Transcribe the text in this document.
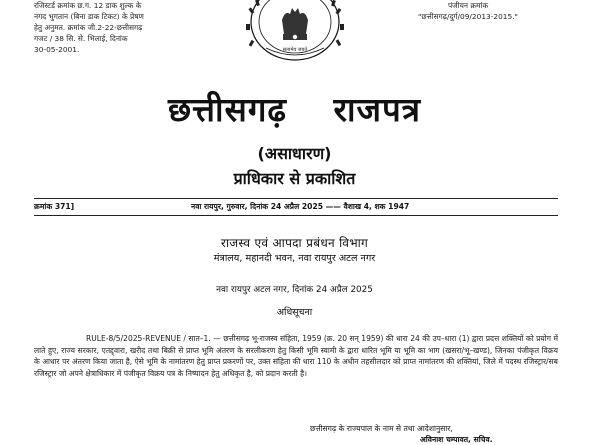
रजिस्टर्ड क्रमांक छ.ग. 12 डाक शुल्क के
नगद भुगतान (बिना डाक टिकट) के प्रेषण
हेतु अनुमत. क्रमांक जी.2-22-छत्तीसगढ़
गजट / 38 सि. से. भिलाई, दिनांक
30-05-2001.	सत्यमेव जयते
पंजीयन क्रमांक
"छत्तीसगढ़/दुर्ग/09/2013-2015."
छत्तीसगढ़ राजपत्र
(असाधारण)
प्राधिकार से प्रकाशित
क्रमांक 371]	नवा रायपुर, गुरुवार, दिनांक 24 अप्रैल 2025 —— वैशाख 4, शक 1947
राजस्व एवं आपदा प्रबंधन विभाग
मंत्रालय, महानदी भवन, नवा रायपुर अटल नगर
नवा रायपुर अटल नगर, दिनांक 24 अप्रैल 2025
अधिसूचना

RULE-8/5/2025-REVENUE / सात–1. — छत्तीसगढ़ भू-राजस्व संहिता, 1959 (क्र. 20 सन् 1959) की धारा 24 की उप–धारा (1) द्वारा प्रदत्त शक्तियों को प्रयोग में लाते हुए, राज्य सरकार, एतद्द्वारा, खरीद तथा बिक्री से प्राप्त भूमि अंतरण के सरलीकरण हेतु किसी भूमि स्वामी के द्वारा धारित भूमि या भूमि का भाग (खसरा/भू–खण्ड), जिनका पंजीकृत विक्रय के आधार पर अंतरण किया जाता है, ऐसे भूमि के नामांतरण हेतु प्राप्त प्रकरणों पर, उक्त संहिता की धारा 110 के अधीन तहसीलदार को प्राप्त नामांतरण की शक्तियां, जिले में पदस्थ रजिस्ट्रार/सब रजिस्ट्रार जो अपने क्षेत्राधिकार में पंजीकृत विक्रय पत्र के निष्पादन हेतु अधिकृत है, को प्रदान करती है।

छत्तीसगढ़ के राज्यपाल के नाम से तथा आदेशानुसार,
अविनाश चम्पावत, सचिव.
